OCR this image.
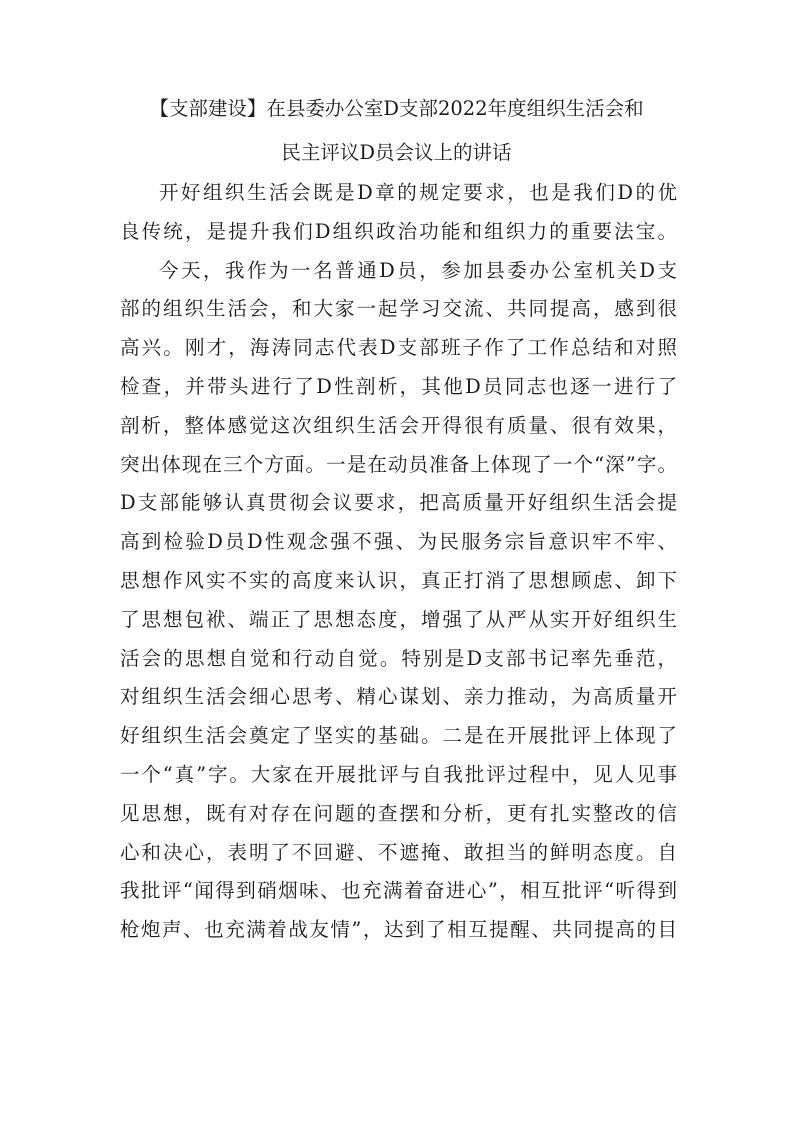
【支部建设】在县委办公室D支部2022年度组织生活会和
民主评议D员会议上的讲话
开好组织生活会既是D章的规定要求，也是我们D的优
良传统，是提升我们D组织政治功能和组织力的重要法宝。
今天，我作为一名普通D员，参加县委办公室机关D支
部的组织生活会，和大家一起学习交流、共同提高，感到很
高兴。刚才，海涛同志代表D支部班子作了工作总结和对照
检查，并带头进行了D性剖析，其他D员同志也逐一进行了
剖析，整体感觉这次组织生活会开得很有质量、很有效果，
突出体现在三个方面。一是在动员准备上体现了一个“深”字。
D支部能够认真贯彻会议要求，把高质量开好组织生活会提
高到检验D员D性观念强不强、为民服务宗旨意识牢不牢、
思想作风实不实的高度来认识，真正打消了思想顾虑、卸下
了思想包袱、端正了思想态度，增强了从严从实开好组织生
活会的思想自觉和行动自觉。特别是D支部书记率先垂范，
对组织生活会细心思考、精心谋划、亲力推动，为高质量开
好组织生活会奠定了坚实的基础。二是在开展批评上体现了
一个“真”字。大家在开展批评与自我批评过程中，见人见事
见思想，既有对存在问题的查摆和分析，更有扎实整改的信
心和决心，表明了不回避、不遮掩、敢担当的鲜明态度。自
我批评“闻得到硝烟味、也充满着奋进心”，相互批评“听得到
枪炮声、也充满着战友情”，达到了相互提醒、共同提高的目
